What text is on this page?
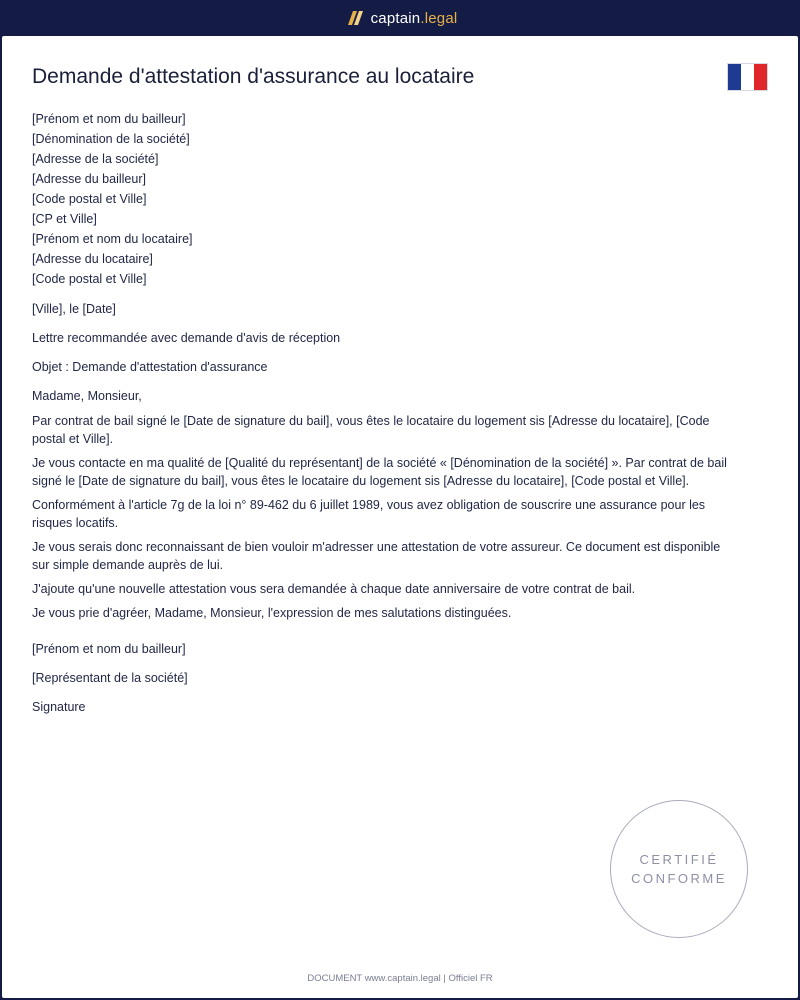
captain.legal
Demande d'attestation d'assurance au locataire
[Prénom et nom du bailleur]
[Dénomination de la société]
[Adresse de la société]
[Adresse du bailleur]
[Code postal et Ville]
[CP et Ville]
[Prénom et nom du locataire]
[Adresse du locataire]
[Code postal et Ville]

[Ville], le [Date]

Lettre recommandée avec demande d'avis de réception

Objet : Demande d'attestation d'assurance

Madame, Monsieur,

Par contrat de bail signé le [Date de signature du bail], vous êtes le locataire du logement sis [Adresse du locataire], [Code postal et Ville].

Je vous contacte en ma qualité de [Qualité du représentant] de la société « [Dénomination de la société] ». Par contrat de bail signé le [Date de signature du bail], vous êtes le locataire du logement sis [Adresse du locataire], [Code postal et Ville].

Conformément à l'article 7g de la loi n° 89-462 du 6 juillet 1989, vous avez obligation de souscrire une assurance pour les risques locatifs.

Je vous serais donc reconnaissant de bien vouloir m'adresser une attestation de votre assureur. Ce document est disponible sur simple demande auprès de lui.

J'ajoute qu'une nouvelle attestation vous sera demandée à chaque date anniversaire de votre contrat de bail.

Je vous prie d'agréer, Madame, Monsieur, l'expression de mes salutations distinguées.

[Prénom et nom du bailleur]

[Représentant de la société]

Signature

CERTIFIÉ
CONFORME
DOCUMENT www.captain.legal | Officiel FR
